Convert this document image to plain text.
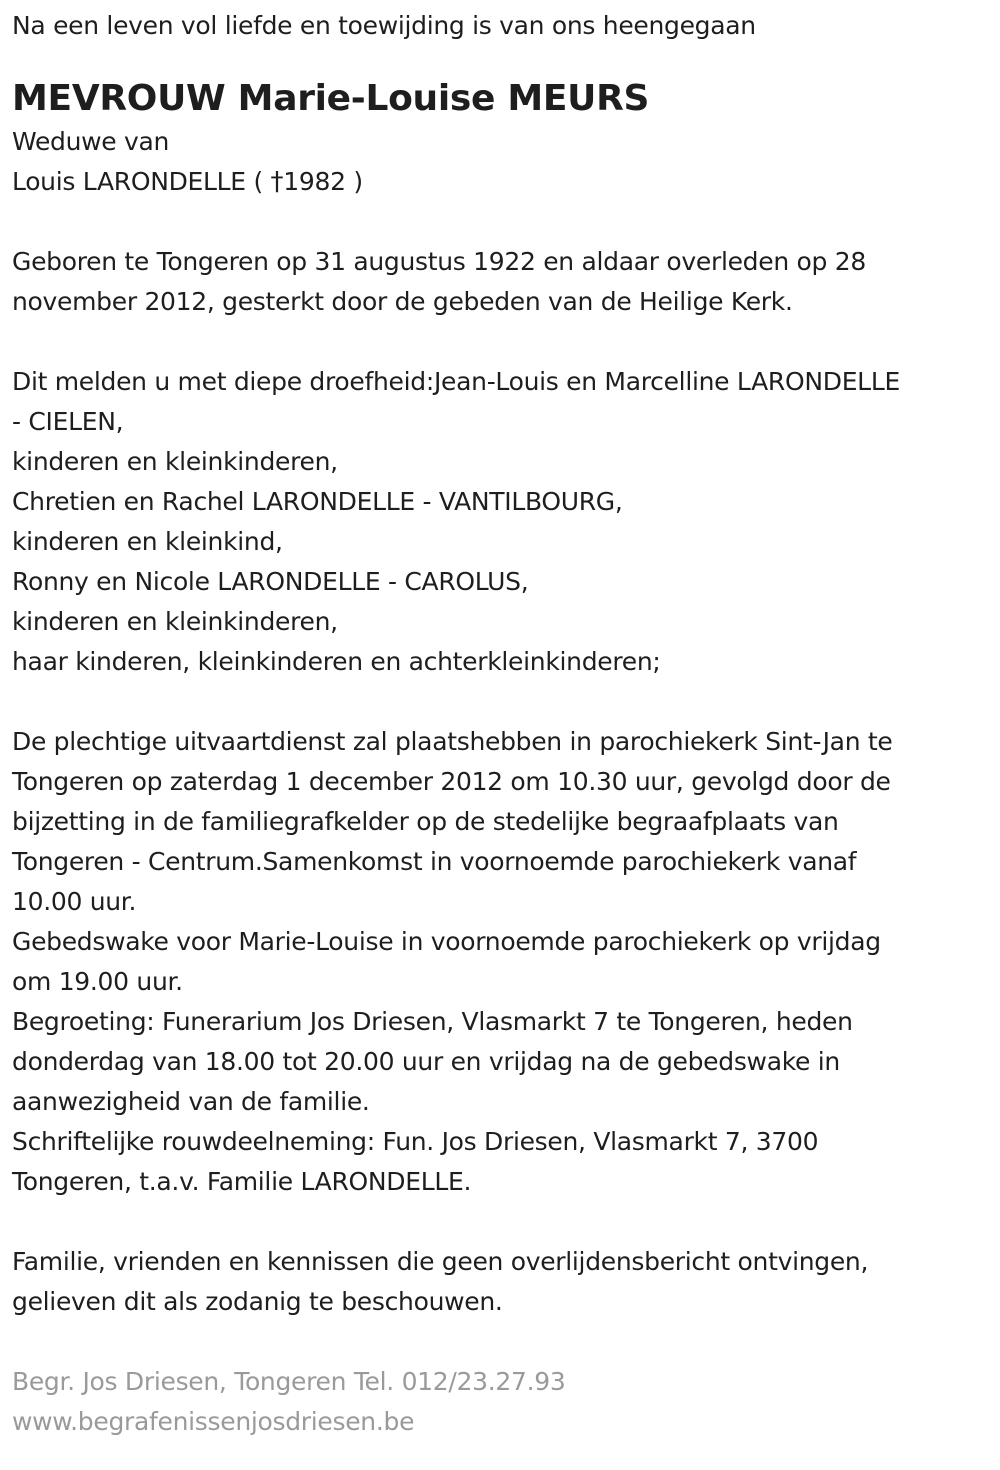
Na een leven vol liefde en toewijding is van ons heengegaan
MEVROUW Marie-Louise MEURS
Weduwe van
Louis LARONDELLE ( †1982 )
Geboren te Tongeren op 31 augustus 1922 en aldaar overleden op 28
november 2012, gesterkt door de gebeden van de Heilige Kerk.
Dit melden u met diepe droefheid:Jean-Louis en Marcelline LARONDELLE
- CIELEN,
kinderen en kleinkinderen,
Chretien en Rachel LARONDELLE - VANTILBOURG,
kinderen en kleinkind,
Ronny en Nicole LARONDELLE - CAROLUS,
kinderen en kleinkinderen,
haar kinderen, kleinkinderen en achterkleinkinderen;
De plechtige uitvaartdienst zal plaatshebben in parochiekerk Sint-Jan te
Tongeren op zaterdag 1 december 2012 om 10.30 uur, gevolgd door de
bijzetting in de familiegrafkelder op de stedelijke begraafplaats van
Tongeren - Centrum.Samenkomst in voornoemde parochiekerk vanaf
10.00 uur.
Gebedswake voor Marie-Louise in voornoemde parochiekerk op vrijdag
om 19.00 uur.
Begroeting: Funerarium Jos Driesen, Vlasmarkt 7 te Tongeren, heden
donderdag van 18.00 tot 20.00 uur en vrijdag na de gebedswake in
aanwezigheid van de familie.
Schriftelijke rouwdeelneming: Fun. Jos Driesen, Vlasmarkt 7, 3700
Tongeren, t.a.v. Familie LARONDELLE.
Familie, vrienden en kennissen die geen overlijdensbericht ontvingen,
gelieven dit als zodanig te beschouwen.
Begr. Jos Driesen, Tongeren Tel. 012/23.27.93
www.begrafenissenjosdriesen.be
